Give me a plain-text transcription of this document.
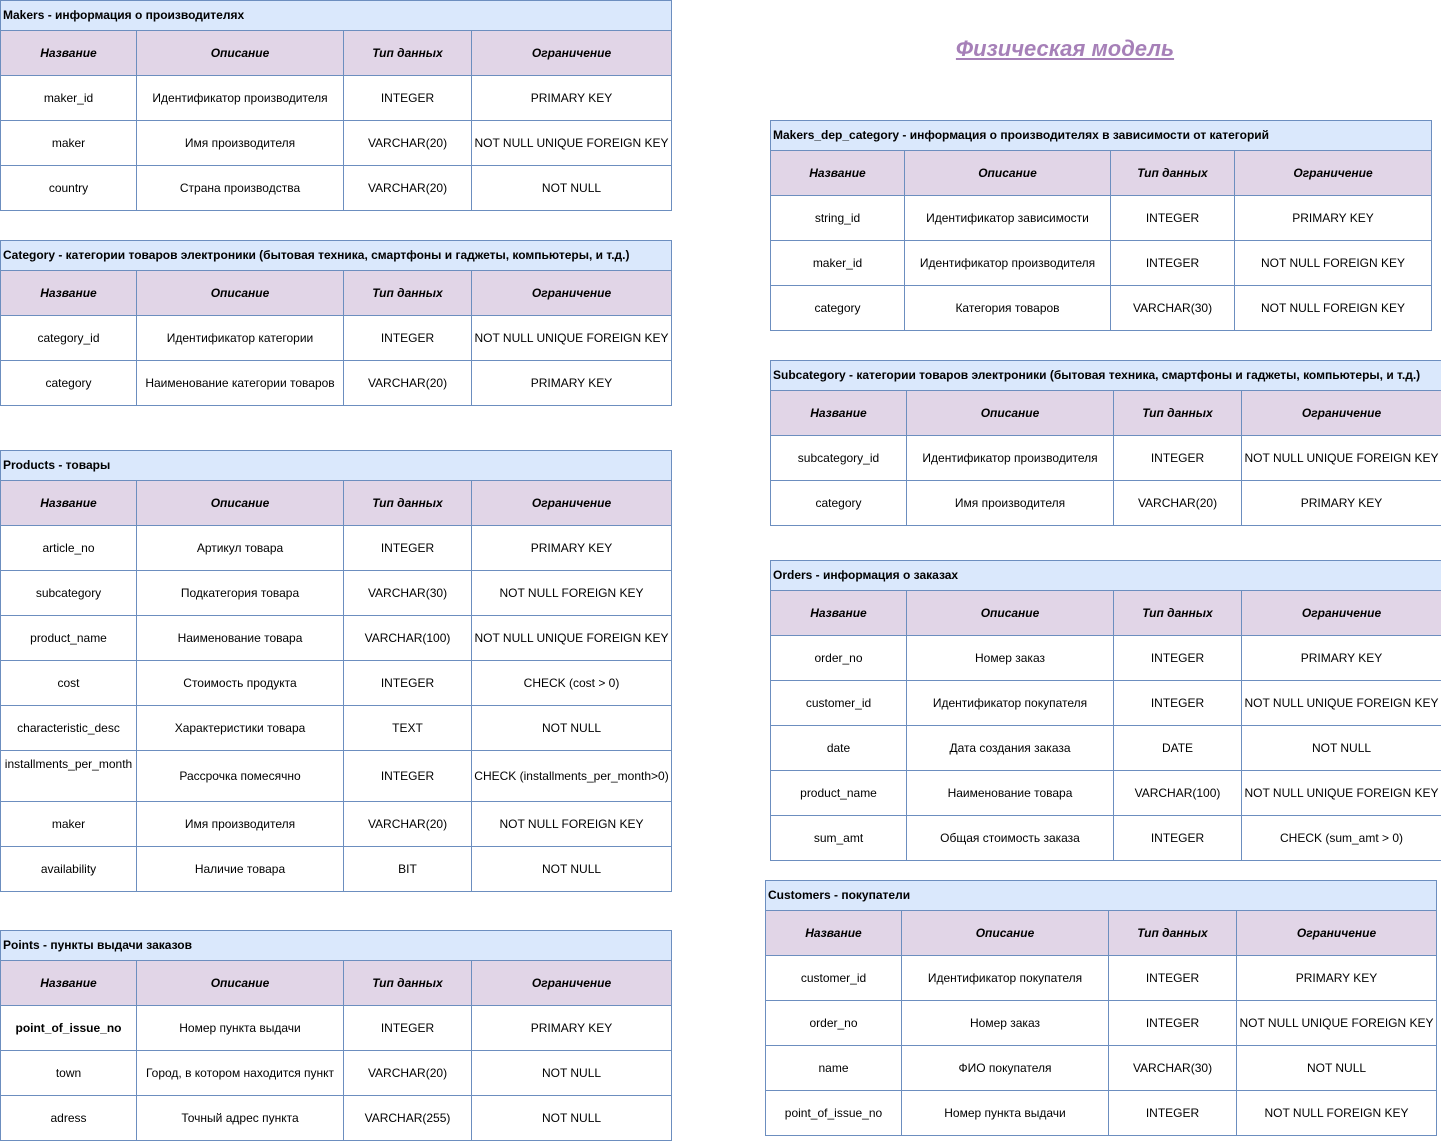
Физическая модель
Makers - информация о производителях			
Название	Описание	Тип данных	Ограничение
maker_id	Идентификатор производителя	INTEGER	PRIMARY KEY
maker	Имя производителя	VARCHAR(20)	NOT NULL UNIQUE FOREIGN KEY
country	Страна производства	VARCHAR(20)	NOT NULL
Category - категории товаров электроники (бытовая техника, смартфоны и гаджеты, компьютеры, и т.д.)			
Название	Описание	Тип данных	Ограничение
category_id	Идентификатор категории	INTEGER	NOT NULL UNIQUE FOREIGN KEY
category	Наименование категории товаров	VARCHAR(20)	PRIMARY KEY
Products - товары			
Название	Описание	Тип данных	Ограничение
article_no	Артикул товара	INTEGER	PRIMARY KEY
subcategory	Подкатегория товара	VARCHAR(30)	NOT NULL FOREIGN KEY
product_name	Наименование товара	VARCHAR(100)	NOT NULL UNIQUE FOREIGN KEY
cost	Стоимость продукта	INTEGER	CHECK (cost > 0)
characteristic_desc	Характеристики товара	TEXT	NOT NULL
installments_per_month	Рассрочка помесячно	INTEGER	CHECK (installments_per_month>0)
maker	Имя производителя	VARCHAR(20)	NOT NULL FOREIGN KEY
availability	Наличие товара	BIT	NOT NULL
Points - пункты выдачи заказов			
Название	Описание	Тип данных	Ограничение
point_of_issue_no	Номер пункта выдачи	INTEGER	PRIMARY KEY
town	Город, в котором находится пункт	VARCHAR(20)	NOT NULL
adress	Точный адрес пункта	VARCHAR(255)	NOT NULL
Makers_dep_category - информация о производителях в зависимости от категорий			
Название	Описание	Тип данных	Ограничение
string_id	Идентификатор зависимости	INTEGER	PRIMARY KEY
maker_id	Идентификатор производителя	INTEGER	NOT NULL FOREIGN KEY
category	Категория товаров	VARCHAR(30)	NOT NULL FOREIGN KEY
Subcategory - категории товаров электроники (бытовая техника, смартфоны и гаджеты, компьютеры, и т.д.)			
Название	Описание	Тип данных	Ограничение
subcategory_id	Идентификатор производителя	INTEGER	NOT NULL UNIQUE FOREIGN KEY
category	Имя производителя	VARCHAR(20)	PRIMARY KEY
Orders - информация о заказах			
Название	Описание	Тип данных	Ограничение
order_no	Номер заказ	INTEGER	PRIMARY KEY
customer_id	Идентификатор покупателя	INTEGER	NOT NULL UNIQUE FOREIGN KEY
date	Дата создания заказа	DATE	NOT NULL
product_name	Наименование товара	VARCHAR(100)	NOT NULL UNIQUE FOREIGN KEY
sum_amt	Общая стоимость заказа	INTEGER	CHECK (sum_amt > 0)
Customers - покупатели			
Название	Описание	Тип данных	Ограничение
customer_id	Идентификатор покупателя	INTEGER	PRIMARY KEY
order_no	Номер заказ	INTEGER	NOT NULL UNIQUE FOREIGN KEY
name	ФИО покупателя	VARCHAR(30)	NOT NULL
point_of_issue_no	Номер пункта выдачи	INTEGER	NOT NULL FOREIGN KEY
